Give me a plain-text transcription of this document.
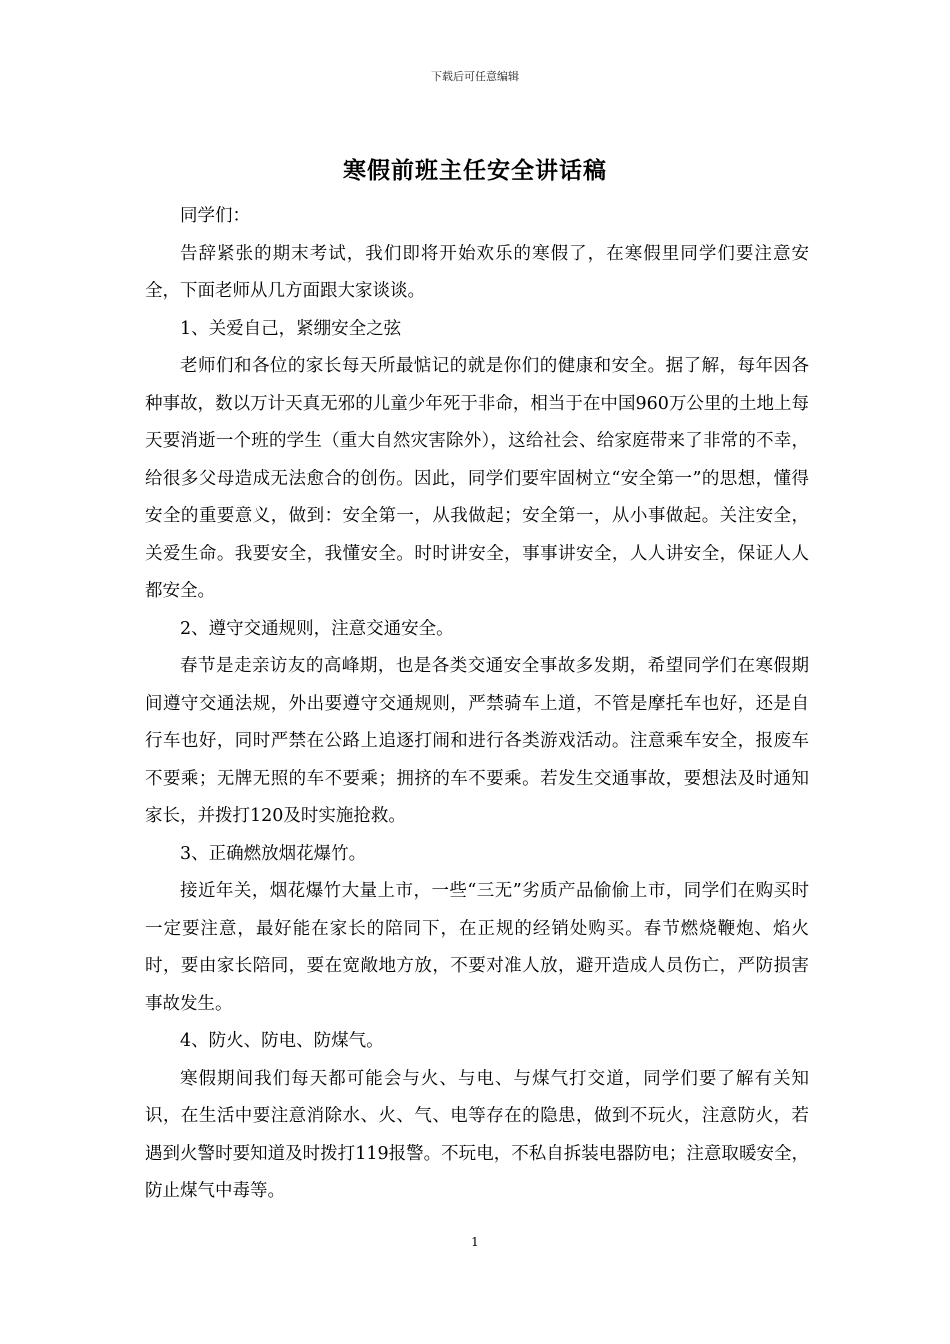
下载后可任意编辑
寒假前班主任安全讲话稿

同学们：

告辞紧张的期末考试，我们即将开始欢乐的寒假了，在寒假里同学们要注意安全，下面老师从几方面跟大家谈谈。

1、关爱自己，紧绷安全之弦

老师们和各位的家长每天所最惦记的就是你们的健康和安全。据了解，每年因各种事故，数以万计天真无邪的儿童少年死于非命，相当于在中国960万公里的土地上每天要消逝一个班的学生（重大自然灾害除外），这给社会、给家庭带来了非常的不幸，给很多父母造成无法愈合的创伤。因此，同学们要牢固树立“安全第一”的思想，懂得安全的重要意义，做到：安全第一，从我做起；安全第一，从小事做起。关注安全，关爱生命。我要安全，我懂安全。时时讲安全，事事讲安全，人人讲安全，保证人人都安全。

2、遵守交通规则，注意交通安全。

春节是走亲访友的高峰期，也是各类交通安全事故多发期，希望同学们在寒假期间遵守交通法规，外出要遵守交通规则，严禁骑车上道，不管是摩托车也好，还是自行车也好，同时严禁在公路上追逐打闹和进行各类游戏活动。注意乘车安全，报废车不要乘；无牌无照的车不要乘；拥挤的车不要乘。若发生交通事故，要想法及时通知家长，并拨打120及时实施抢救。

3、正确燃放烟花爆竹。

接近年关，烟花爆竹大量上市，一些“三无”劣质产品偷偷上市，同学们在购买时一定要注意，最好能在家长的陪同下，在正规的经销处购买。春节燃烧鞭炮、焰火时，要由家长陪同，要在宽敞地方放，不要对准人放，避开造成人员伤亡，严防损害事故发生。

4、防火、防电、防煤气。

寒假期间我们每天都可能会与火、与电、与煤气打交道，同学们要了解有关知识，在生活中要注意消除水、火、气、电等存在的隐患，做到不玩火，注意防火，若遇到火警时要知道及时拨打119报警。不玩电，不私自拆装电器防电；注意取暖安全，防止煤气中毒等。

1
